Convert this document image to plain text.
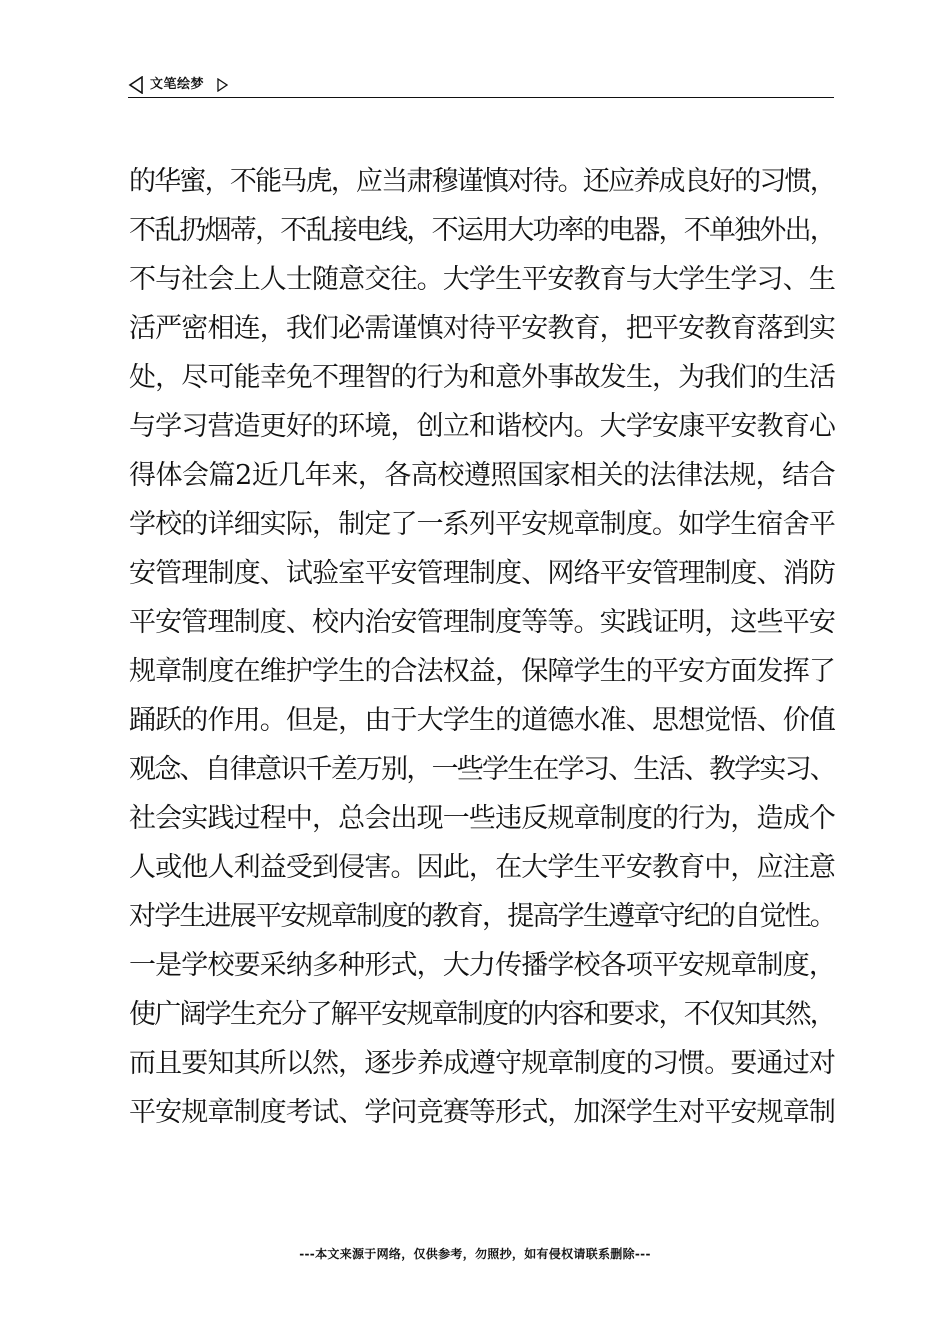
文笔绘梦
的华蜜，不能马虎，应当肃穆谨慎对待。还应养成良好的习惯，
不乱扔烟蒂，不乱接电线，不运用大功率的电器，不单独外出，
不与社会上人士随意交往。大学生平安教育与大学生学习、生
活严密相连，我们必需谨慎对待平安教育，把平安教育落到实
处，尽可能幸免不理智的行为和意外事故发生，为我们的生活
与学习营造更好的环境，创立和谐校内。大学安康平安教育心
得体会篇2近几年来，各高校遵照国家相关的法律法规，结合
学校的详细实际，制定了一系列平安规章制度。如学生宿舍平
安管理制度、试验室平安管理制度、网络平安管理制度、消防
平安管理制度、校内治安管理制度等等。实践证明，这些平安
规章制度在维护学生的合法权益，保障学生的平安方面发挥了
踊跃的作用。但是，由于大学生的道德水准、思想觉悟、价值
观念、自律意识千差万别，一些学生在学习、生活、教学实习、
社会实践过程中，总会出现一些违反规章制度的行为，造成个
人或他人利益受到侵害。因此，在大学生平安教育中，应注意
对学生进展平安规章制度的教育，提高学生遵章守纪的自觉性。
一是学校要采纳多种形式，大力传播学校各项平安规章制度，
使广阔学生充分了解平安规章制度的内容和要求，不仅知其然，
而且要知其所以然，逐步养成遵守规章制度的习惯。要通过对
平安规章制度考试、学问竞赛等形式，加深学生对平安规章制
---本文来源于网络，仅供参考，勿照抄，如有侵权请联系删除---
